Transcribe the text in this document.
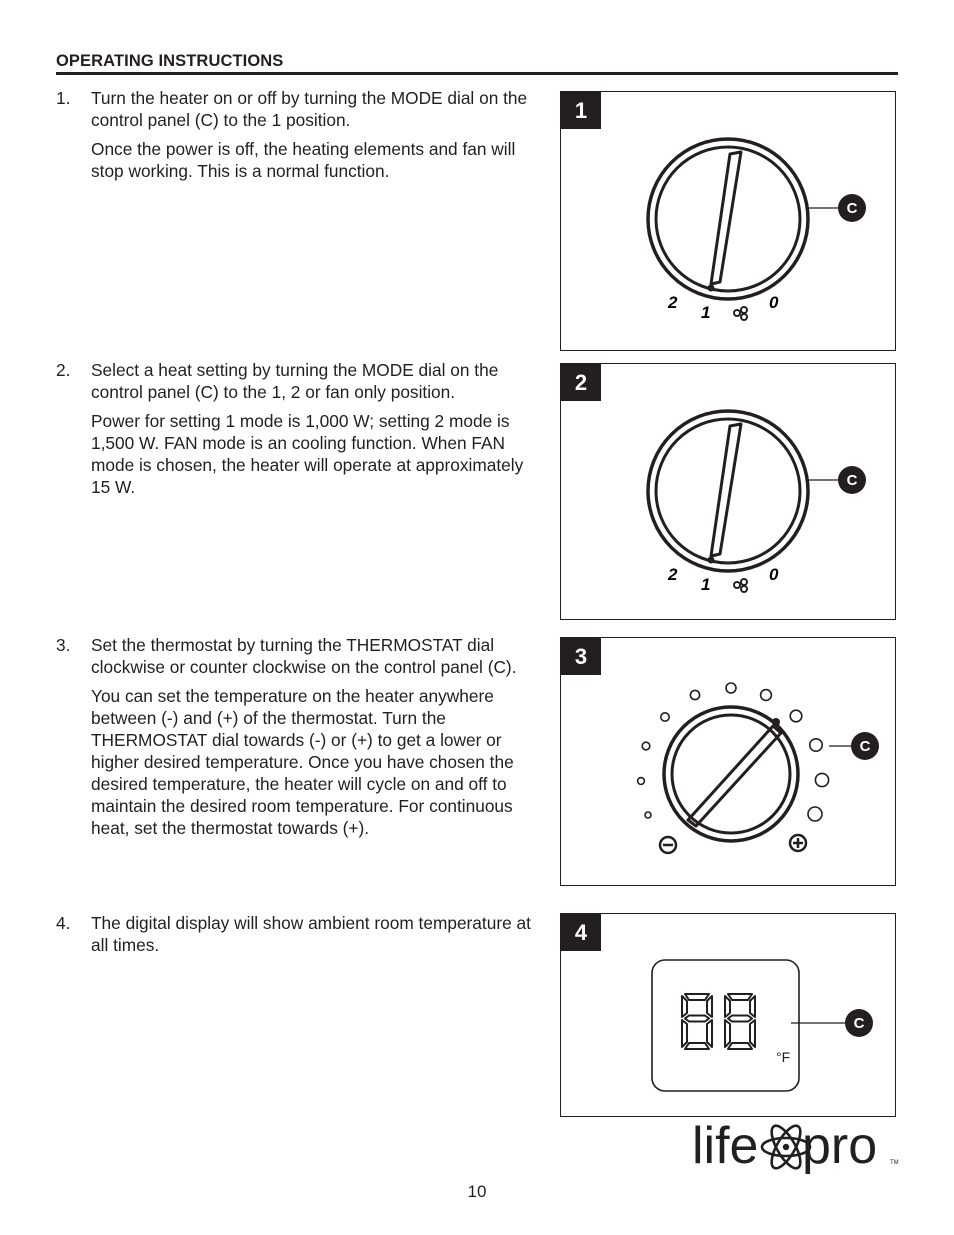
OPERATING INSTRUCTIONS
1. Turn the heater on or off by turning the MODE dial on the control panel (C) to the 1 position.

Once the power is off, the heating elements and fan will stop working. This is a normal function.

2. Select a heat setting by turning the MODE dial on the control panel (C) to the 1, 2 or fan only position.

Power for setting 1 mode is 1,000 W; setting 2 mode is 1,500 W. FAN mode is an cooling function. When FAN mode is chosen, the heater will operate at approximately 15 W.

3. Set the thermostat by turning the THERMOSTAT dial clockwise or counter clockwise on the control panel (C).

You can set the temperature on the heater anywhere between (-) and (+) of the thermostat. Turn the THERMOSTAT dial towards (-) or (+) to get a lower or higher desired temperature. Once you have chosen the desired temperature, the heater will cycle on and off to maintain the desired room temperature. For continuous heat, set the thermostat towards (+).

4. The digital display will show ambient room temperature at all times.

2
1
0
C
1
2
1
0
C
2
C
3
°F
C
4
life pro TM
10
